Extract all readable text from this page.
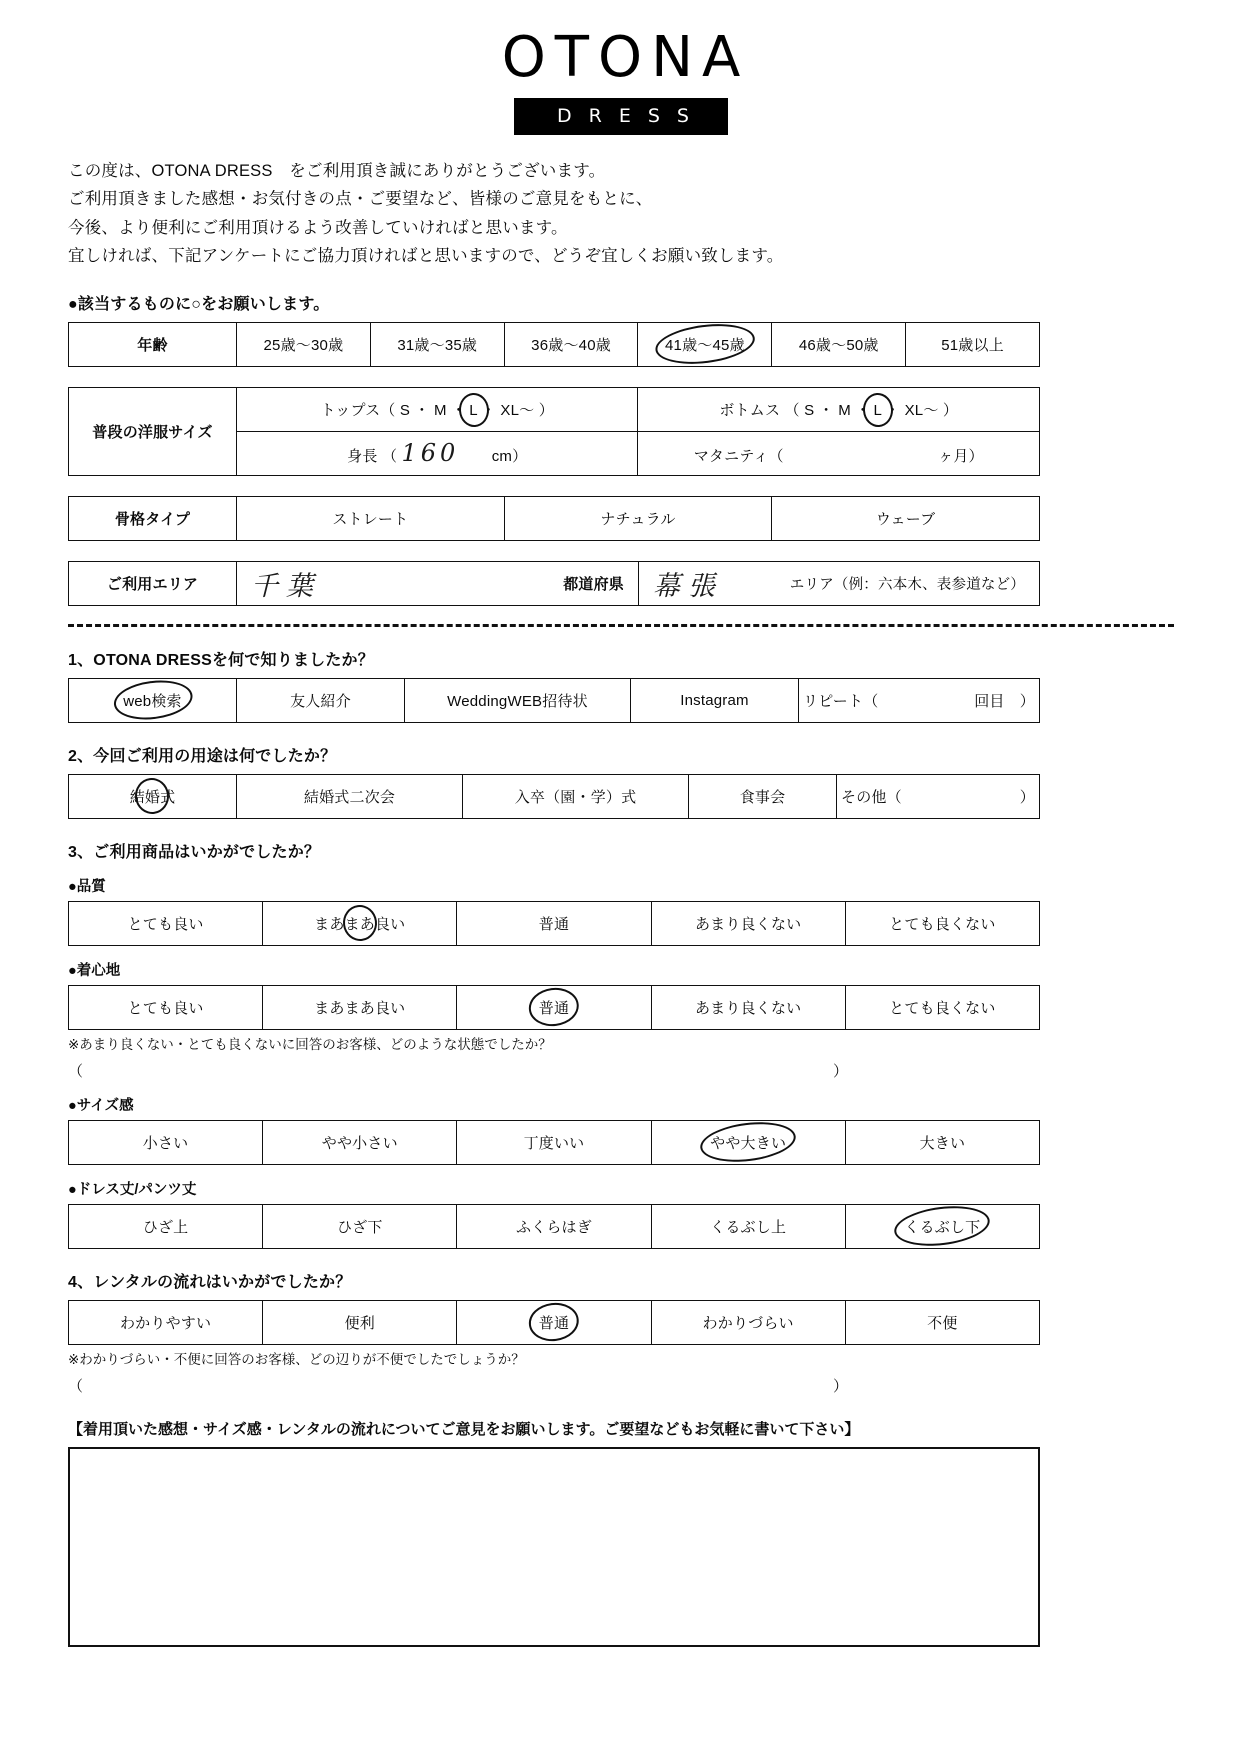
OTONA
DRESS
この度は、OTONA DRESS　をご利用頂き誠にありがとうございます。
ご利用頂きました感想・お気付きの点・ご要望など、皆様のご意見をもとに、
今後、より便利にご利用頂けるよう改善していければと思います。
宜しければ、下記アンケートにご協力頂ければと思いますので、どうぞ宜しくお願い致します。
●該当するものに○をお願いします。
年齢	25歳～30歳	31歳～35歳	36歳～40歳	41歳～45歳	46歳～50歳	51歳以上
普段の洋服サイズ	トップス（ S ・ M ・ L ・ XL～ ）	ボトムス （ S ・ M ・ L ・ XL～ ）
	身長 （ 160 cm）	マタニティ（ ヶ月）
骨格タイプ	ストレート	ナチュラル	ウェーブ
ご利用エリア	千葉	都道府県	幕張	エリア（例：六本木、表参道など）
1、OTONA DRESSを何で知りましたか？
web検索	友人紹介	WeddingWEB招待状	Instagram	リピート（	回目　）
2、今回ご利用の用途は何でしたか？
結婚式	結婚式二次会	入卒（園・学）式	食事会	その他（	）
3、ご利用商品はいかがでしたか？
●品質
とても良い	まあまあ良い	普通	あまり良くない	とても良くない
●着心地
とても良い	まあまあ良い	普通	あまり良くない	とても良くない
※あまり良くない・とても良くないに回答のお客様、どのような状態でしたか？
（	）
●サイズ感
小さい	やや小さい	丁度いい	やや大きい	大きい
●ドレス丈/パンツ丈
ひざ上	ひざ下	ふくらはぎ	くるぶし上	くるぶし下
4、レンタルの流れはいかがでしたか？
わかりやすい	便利	普通	わかりづらい	不便
※わかりづらい・不便に回答のお客様、どの辺りが不便でしたでしょうか？
（	）
【着用頂いた感想・サイズ感・レンタルの流れについてご意見をお願いします。ご要望などもお気軽に書いて下さい】
